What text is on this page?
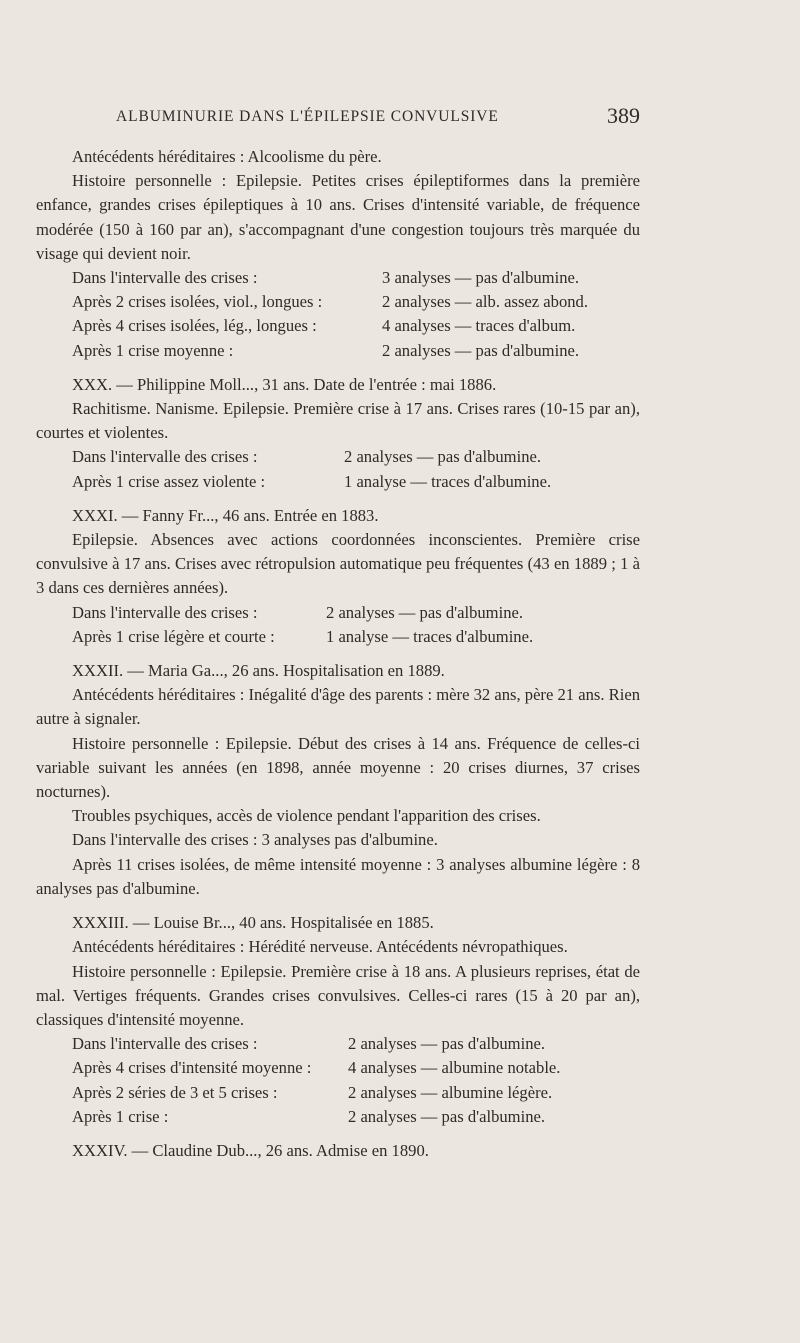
ALBUMINURIE DANS L'ÉPILEPSIE CONVULSIVE	389

Antécédents héréditaires : Alcoolisme du père.

Histoire personnelle : Epilepsie. Petites crises épileptiformes dans la première enfance, grandes crises épileptiques à 10 ans. Crises d'intensité variable, de fréquence modérée (150 à 160 par an), s'accompagnant d'une congestion toujours très marquée du visage qui devient noir.

Dans l'intervalle des crises :	3 analyses — pas d'albumine.
Après 2 crises isolées, viol., longues :	2 analyses — alb. assez abond.
Après 4 crises isolées, lég., longues :	4 analyses — traces d'album.
Après 1 crise moyenne :	2 analyses — pas d'albumine.

XXX. — Philippine Moll..., 31 ans. Date de l'entrée : mai 1886.

Rachitisme. Nanisme. Epilepsie. Première crise à 17 ans. Crises rares (10-15 par an), courtes et violentes.

Dans l'intervalle des crises :	2 analyses — pas d'albumine.
Après 1 crise assez violente :	1 analyse — traces d'albumine.

XXXI. — Fanny Fr..., 46 ans. Entrée en 1883.

Epilepsie. Absences avec actions coordonnées inconscientes. Première crise convulsive à 17 ans. Crises avec rétropulsion automatique peu fréquentes (43 en 1889 ; 1 à 3 dans ces dernières années).

Dans l'intervalle des crises :	2 analyses — pas d'albumine.
Après 1 crise légère et courte :	1 analyse — traces d'albumine.

XXXII. — Maria Ga..., 26 ans. Hospitalisation en 1889.

Antécédents héréditaires : Inégalité d'âge des parents : mère 32 ans, père 21 ans. Rien autre à signaler.

Histoire personnelle : Epilepsie. Début des crises à 14 ans. Fréquence de celles-ci variable suivant les années (en 1898, année moyenne : 20 crises diurnes, 37 crises nocturnes).

Troubles psychiques, accès de violence pendant l'apparition des crises.

Dans l'intervalle des crises : 3 analyses pas d'albumine.

Après 11 crises isolées, de même intensité moyenne : 3 analyses albumine légère : 8 analyses pas d'albumine.

XXXIII. — Louise Br..., 40 ans. Hospitalisée en 1885.

Antécédents héréditaires : Hérédité nerveuse. Antécédents névropathiques.

Histoire personnelle : Epilepsie. Première crise à 18 ans. A plusieurs reprises, état de mal. Vertiges fréquents. Grandes crises convulsives. Celles-ci rares (15 à 20 par an), classiques d'intensité moyenne.

Dans l'intervalle des crises :	2 analyses — pas d'albumine.
Après 4 crises d'intensité moyenne :	4 analyses — albumine notable.
Après 2 séries de 3 et 5 crises :	2 analyses — albumine légère.
Après 1 crise :	2 analyses — pas d'albumine.

XXXIV. — Claudine Dub..., 26 ans. Admise en 1890.
